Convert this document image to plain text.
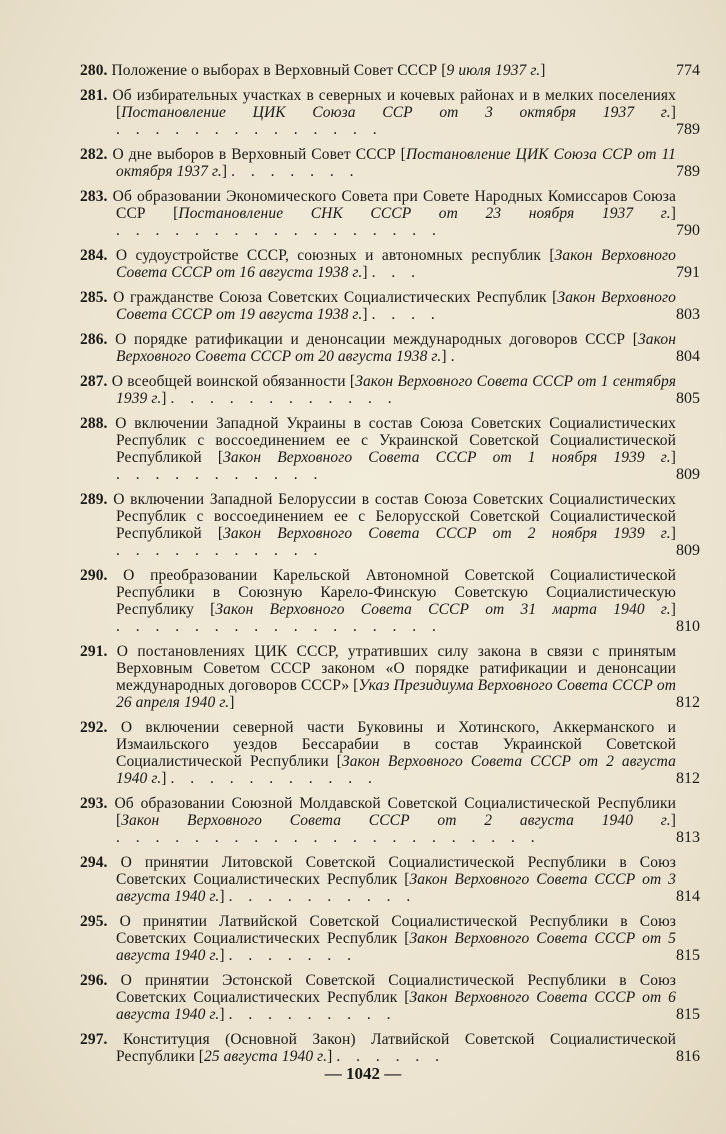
280. Положение о выборах в Верховный Совет СССР [9 июля 1937 г.]	774
281. Об избирательных участках в северных и кочевых районах и в мелких поселениях [Постановление ЦИК Союза ССР от 3 октября 1937 г.] . . . . . . . . . . . . . .	789
282. О дне выборов в Верховный Совет СССР [Постановление ЦИК Союза ССР от 11 октября 1937 г.] . . . . . . .	789
283. Об образовании Экономического Совета при Совете Народных Комиссаров Союза ССР [Постановление СНК СССР от 23 ноября 1937 г.] . . . . . . . . . . . . . . . . .	790
284. О судоустройстве СССР, союзных и автономных республик [Закон Верховного Совета СССР от 16 августа 1938 г.] . . .	791
285. О гражданстве Союза Советских Социалистических Республик [Закон Верховного Совета СССР от 19 августа 1938 г.] . . . .	803
286. О порядке ратификации и денонсации международных договоров СССР [Закон Верховного Совета СССР от 20 августа 1938 г.] .	804
287. О всеобщей воинской обязанности [Закон Верховного Совета СССР от 1 сентября 1939 г.] . . . . . . . . . . . .	805
288. О включении Западной Украины в состав Союза Советских Социалистических Республик с воссоединением ее с Украинской Советской Социалистической Республикой [Закон Верховного Совета СССР от 1 ноября 1939 г.] . . . . . . . . . . .	809
289. О включении Западной Белоруссии в состав Союза Советских Социалистических Республик с воссоединением ее с Белорусской Советской Социалистической Республикой [Закон Верховного Совета СССР от 2 ноября 1939 г.] . . . . . . . . . . .	809
290. О преобразовании Карельской Автономной Советской Социалистической Республики в Союзную Карело-Финскую Советскую Социалистическую Республику [Закон Верховного Совета СССР от 31 марта 1940 г.] . . . . . . . . . . . . . . . . .	810
291. О постановлениях ЦИК СССР, утративших силу закона в связи с принятым Верховным Советом СССР законом «О порядке ратификации и денонсации международных договоров СССР» [Указ Президиума Верховного Совета СССР от 26 апреля 1940 г.]	812
292. О включении северной части Буковины и Хотинского, Аккерманского и Измаильского уездов Бессарабии в состав Украинской Советской Социалистической Республики [Закон Верховного Совета СССР от 2 августа 1940 г.] . . . . . . . . . . .	812
293. Об образовании Союзной Молдавской Советской Социалистической Республики [Закон Верховного Совета СССР от 2 августа 1940 г.] . . . . . . . . . . . . . . . . . . . . . .	813
294. О принятии Литовской Советской Социалистической Республики в Союз Советских Социалистических Республик [Закон Верховного Совета СССР от 3 августа 1940 г.] . . . . . . . . . .	814
295. О принятии Латвийской Советской Социалистической Республики в Союз Советских Социалистических Республик [Закон Верховного Совета СССР от 5 августа 1940 г.] . . . . . . .	815
296. О принятии Эстонской Советской Социалистической Республики в Союз Советских Социалистических Республик [Закон Верховного Совета СССР от 6 августа 1940 г.] . . . . . . . . .	815
297. Конституция (Основной Закон) Латвийской Советской Социалистической Республики [25 августа 1940 г.] . . . . . .	816
— 1042 —
